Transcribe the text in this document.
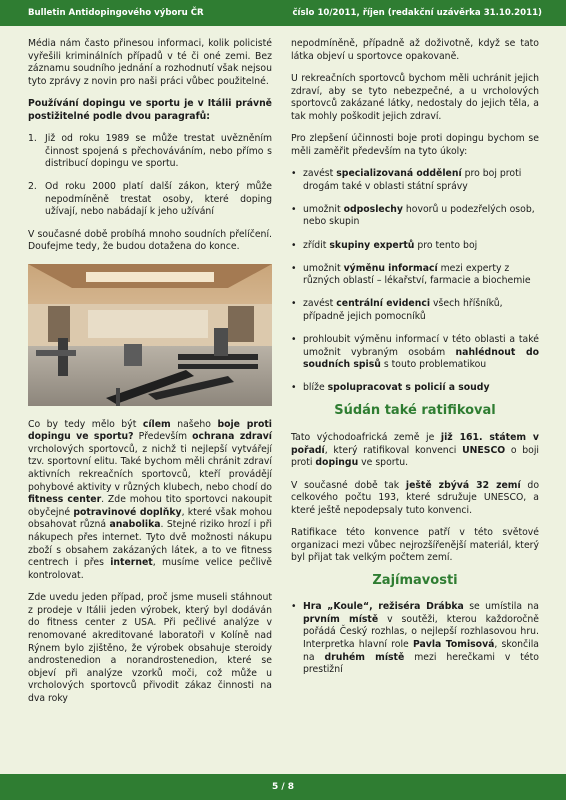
Bulletin Antidopingového výboru ČR	číslo 10/2011, říjen (redakční uzávěrka 31.10.2011)

Média nám často přinesou informaci, kolik policisté vyřešili kriminálních případů v té či oné zemi. Bez záznamu soudního jednání a rozhodnutí však nejsou tyto zprávy z novin pro naši práci vůbec použitelné.

Používání dopingu ve sportu je v Itálii právně postižitelné podle dvou paragrafů:

1. Již od roku 1989 se může trestat uvězněním činnost spojená s přechováváním, nebo přímo s distribucí dopingu ve sportu.
2. Od roku 2000 platí další zákon, který může nepodmíněně trestat osoby, které doping užívají, nebo nabádají k jeho užívání

V současné době probíhá mnoho soudních přelíčení. Doufejme tedy, že budou dotažena do konce.

Co by tedy mělo být cílem našeho boje proti dopingu ve sportu? Především ochrana zdraví vrcholových sportovců, z nichž ti nejlepší vytvářejí tzv. sportovní elitu. Také bychom měli chránit zdraví aktivních rekreačních sportovců, kteří provádějí pohybové aktivity v různých klubech, nebo chodí do fitness center. Zde mohou tito sportovci nakoupit obyčejné potravinové doplňky, které však mohou obsahovat různá anabolika. Stejné riziko hrozí i při nákupech přes internet. Tyto dvě možnosti nákupu zboží s obsahem zakázaných látek, a to ve fitness centrech i přes internet, musíme velice pečlivě kontrolovat.

Zde uvedu jeden případ, proč jsme museli stáhnout z prodeje v Itálii jeden výrobek, který byl dodáván do fitness center z USA. Při pečlivé analýze v renomované akreditované laboratoři v Kolíně nad Rýnem bylo zjištěno, že výrobek obsahuje steroidy androstenedion a norandrostenedion, které se objeví při analýze vzorků moči, což může u vrcholových sportovců přivodit zákaz činnosti na dva roky

nepodmíněně, případně až doživotně, když se tato látka objeví u sportovce opakovaně.

U rekreačních sportovců bychom měli uchránit jejich zdraví, aby se tyto nebezpečné, a u vrcholových sportovců zakázané látky, nedostaly do jejich těla, a tak mohly poškodit jejich zdraví.

Pro zlepšení účinnosti boje proti dopingu bychom se měli zaměřit především na tyto úkoly:

• zavést specializovaná oddělení pro boj proti drogám také v oblasti státní správy
• umožnit odposlechy hovorů u podezřelých osob, nebo skupin
• zřídit skupiny expertů pro tento boj
• umožnit výměnu informací mezi experty z různých oblastí – lékařství, farmacie a biochemie
• zavést centrální evidenci všech hříšníků, případně jejich pomocníků
• prohloubit výměnu informací v této oblasti a také umožnit vybraným osobám nahlédnout do soudních spisů s touto problematikou
• blíže spolupracovat s policií a soudy
Súdán také ratifikoval

Tato východoafrická země je již 161. státem v pořadí, který ratifikoval konvenci UNESCO o boji proti dopingu ve sportu.

V současné době tak ještě zbývá 32 zemí do celkového počtu 193, které sdružuje UNESCO, a které ještě nepodepsaly tuto konvenci.

Ratifikace této konvence patří v této světové organizaci mezi vůbec nejrozšířenější materiál, který byl přijat tak velkým počtem zemí.

Zajímavosti
• Hra „Koule“, režiséra Drábka se umístila na prvním místě v soutěži, kterou každoročně pořádá Český rozhlas, o nejlepší rozhlasovou hru. Interpretka hlavní role Pavla Tomisová, skončila na druhém místě mezi herečkami v této prestižní
5 / 8
